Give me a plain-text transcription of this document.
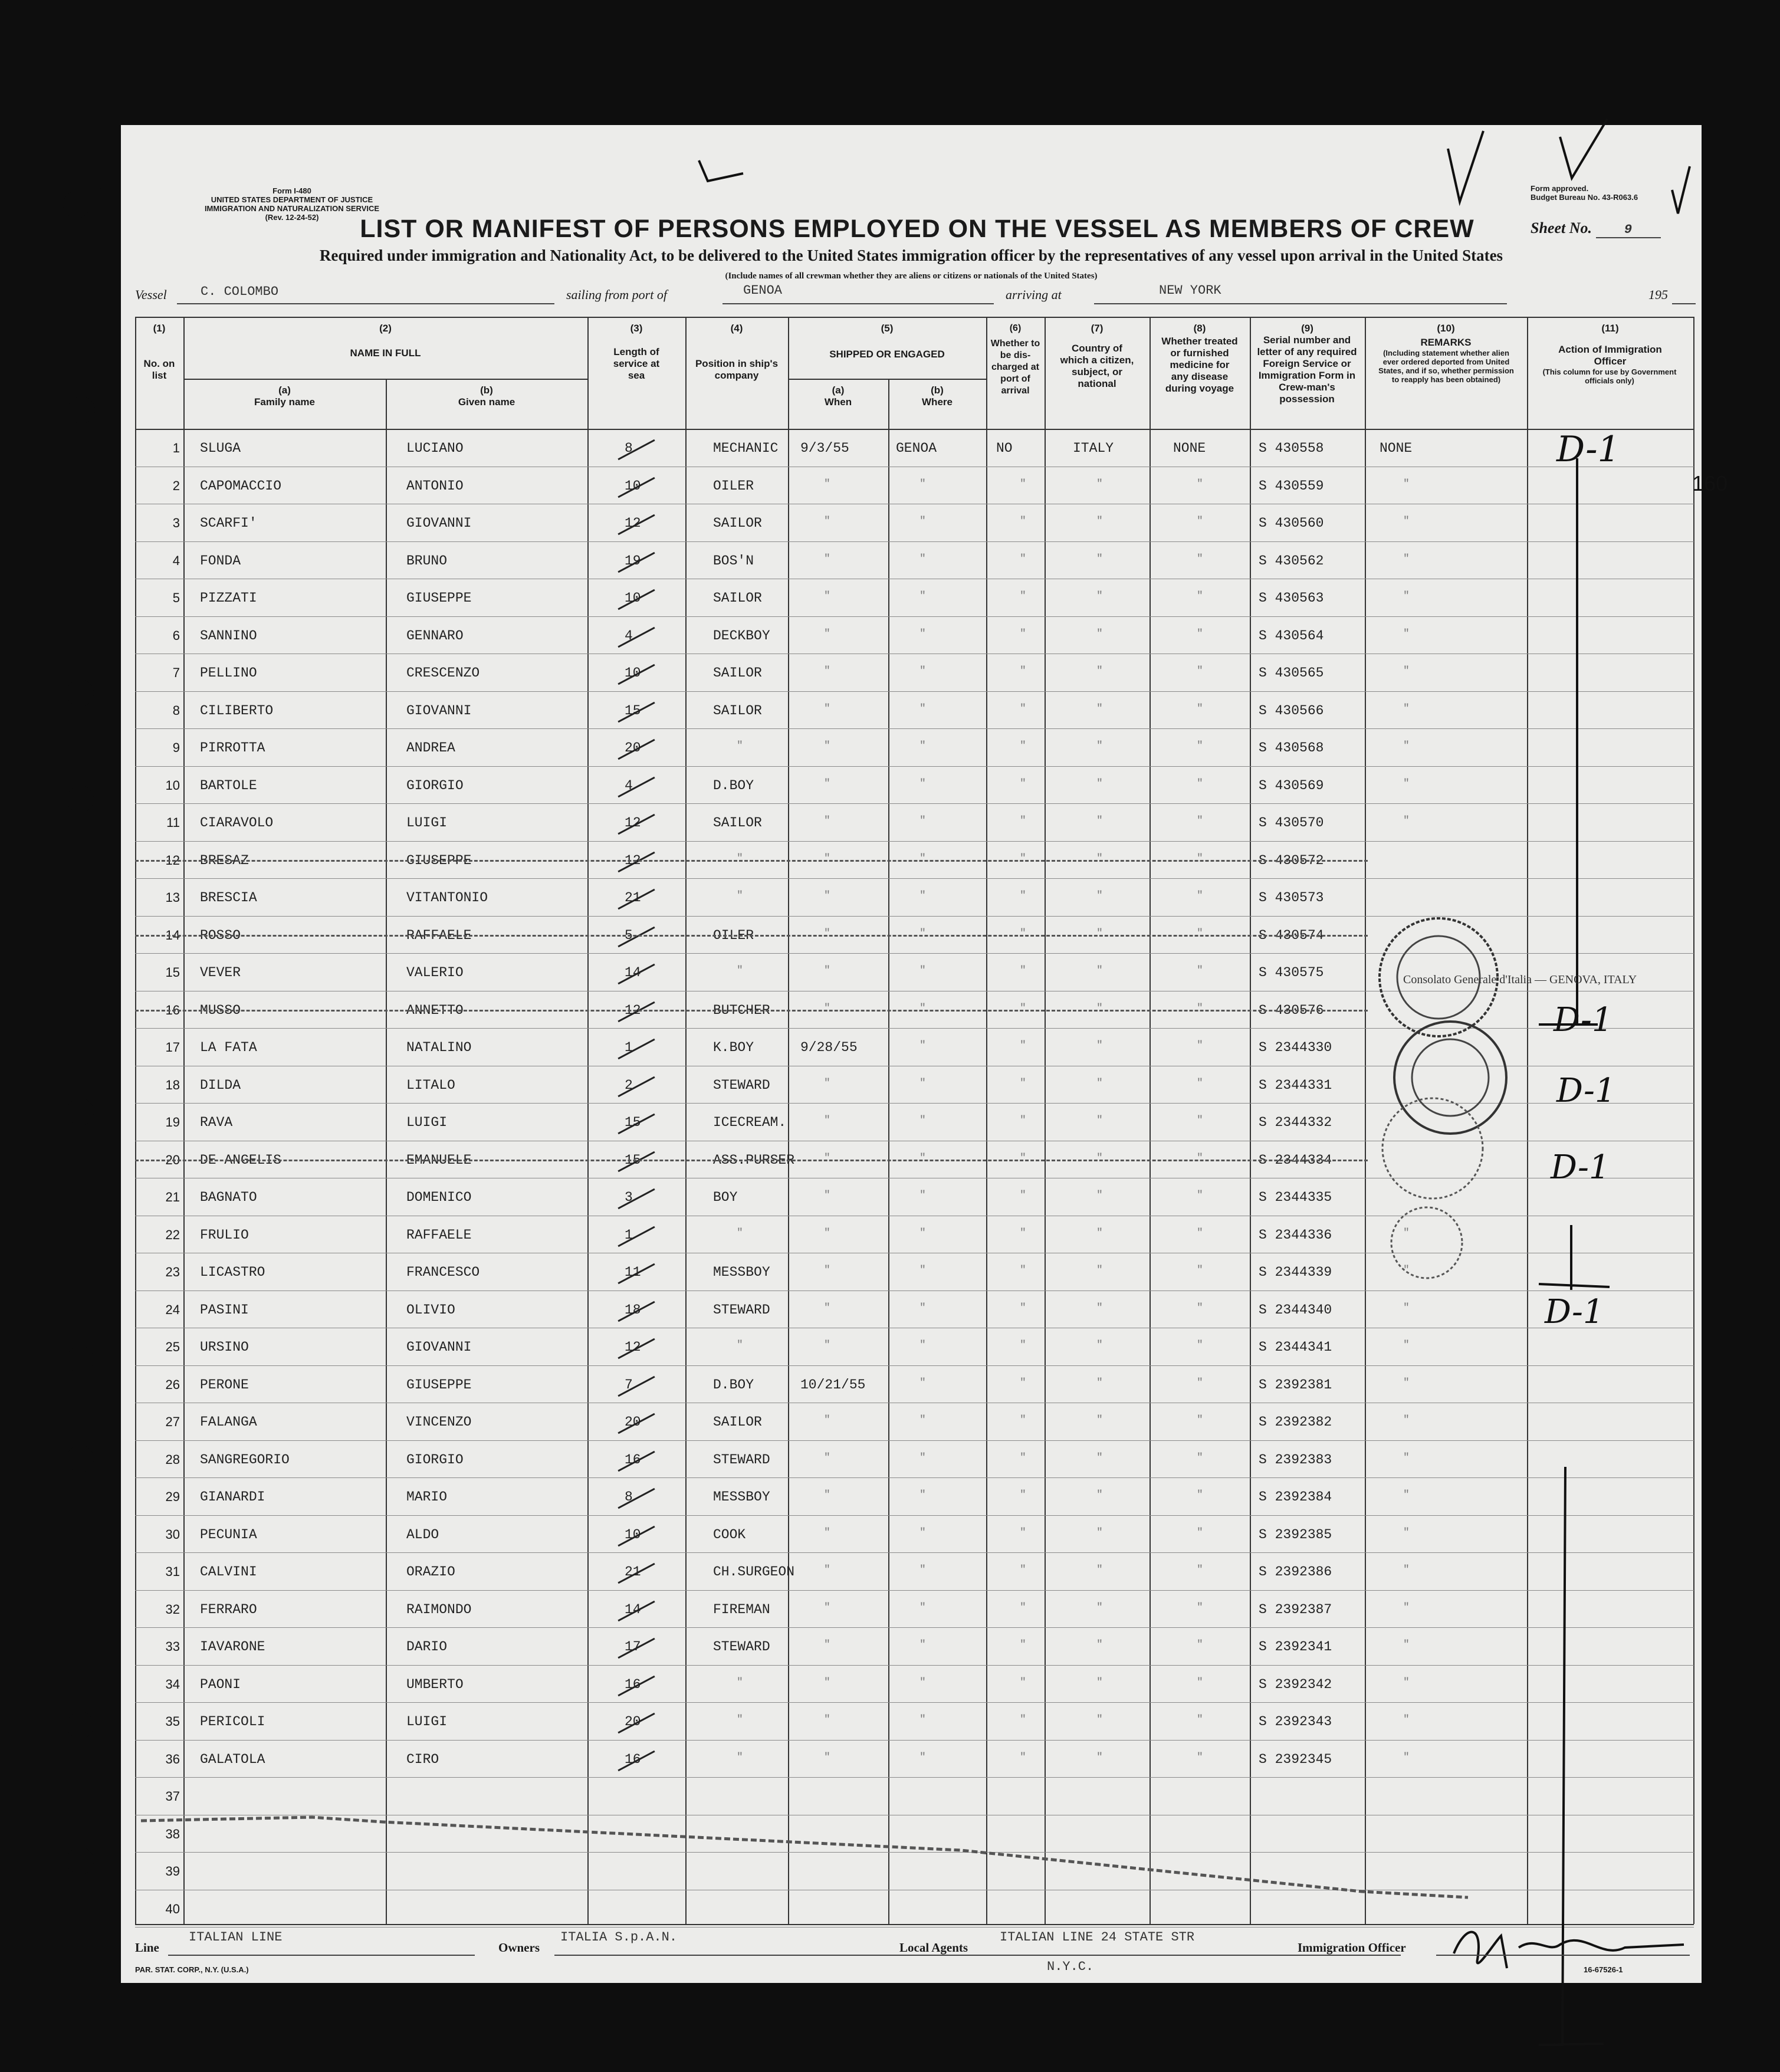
Form I-480
UNITED STATES DEPARTMENT OF JUSTICE
IMMIGRATION AND NATURALIZATION SERVICE
(Rev. 12-24-52)
Form approved.
Budget Bureau No. 43-R063.6
Sheet No. 9
LIST OR MANIFEST OF PERSONS EMPLOYED ON THE VESSEL AS MEMBERS OF CREW
Required under immigration and Nationality Act, to be delivered to the United States immigration officer by the representatives of any vessel upon arrival in the United States
(Include names of all crewman whether they are aliens or citizens or nationals of the United States)
Vessel	C. COLOMBO	sailing from port of	GENOA	arriving at	NEW YORK	195
(1)
No. on list
(2)
NAME IN FULL
(a)
Family name
(b)
Given name
(3)
Length of service at sea
(4)
Position in ship's company
(5)
SHIPPED OR ENGAGED
(a)
When
(b)
Where
(6)
Whether to be dis-charged at port of arrival
(7)
Country of which a citizen, subject, or national
(8)
Whether treated or furnished medicine for any disease during voyage
(9)
Serial number and letter of any required Foreign Service or Immigration Form in Crew-man's possession
(10)
REMARKS
(Including statement whether alien ever ordered deported from United States, and if so, whether permission to reapply has been obtained)
(11)
Action of Immigration Officer
(This column for use by Government officials only)
1 SLUGA	LUCIANO	8	MECHANIC 9/3/55	GENOA	NO	ITALY	NONE	S 430558	NONE
2 CAPOMACCIO	ANTONIO	10	OILER	"	"	"	"	"	S 430559	"
3 SCARFI'	GIOVANNI	12	SAILOR	"	"	"	"	"	S 430560	"
4 FONDA	BRUNO	19	BOS'N	"	"	"	"	"	S 430562	"
5 PIZZATI	GIUSEPPE	10	SAILOR	"	"	"	"	"	S 430563	"
6 SANNINO	GENNARO	4	DECKBOY	"	"	"	"	"	S 430564	"
7 PELLINO	CRESCENZO	10	SAILOR	"	"	"	"	"	S 430565	"
8 CILIBERTO	GIOVANNI	15	SAILOR	"	"	"	"	"	S 430566	"
9 PIRROTTA	ANDREA	20	"	"	"	"	"	"	S 430568	"
10 BARTOLE	GIORGIO	4	D.BOY	"	"	"	"	"	S 430569	"
11 CIARAVOLO	LUIGI	12	SAILOR	"	"	"	"	"	S 430570	"
12 BRESAZ	GIUSEPPE	12	"	"	"	"	"	"	S 430572
13 BRESCIA	VITANTONIO	21	"	"	"	"	"	"	S 430573
14 ROSSO	RAFFAELE	5	OILER	"	"	"	"	"	S 430574
15 VEVER	VALERIO	14	"	"	"	"	"	"	S 430575
16 MUSSO	ANNETTO	12	BUTCHER	"	"	"	"	"	S 430576
17 LA FATA	NATALINO	1	K.BOY	9/28/55	"	"	"	"	S 2344330
18 DILDA	LITALO	2	STEWARD	"	"	"	"	"	S 2344331
19 RAVA	LUIGI	15	ICECREAM.	"	"	"	"	"	S 2344332
20 DE ANGELIS	EMANUELE	15	ASS.PURSER	"	"	"	"	"	S 2344334
21 BAGNATO	DOMENICO	3	BOY	"	"	"	"	"	S 2344335
22 FRULIO	RAFFAELE	1	"	"	"	"	"	"	S 2344336	"
23 LICASTRO	FRANCESCO	11	MESSBOY	"	"	"	"	"	S 2344339	"
24 PASINI	OLIVIO	18	STEWARD	"	"	"	"	"	S 2344340	"
25 URSINO	GIOVANNI	12	"	"	"	"	"	"	S 2344341	"
26 PERONE	GIUSEPPE	7	D.BOY	10/21/55	"	"	"	"	S 2392381	"
27 FALANGA	VINCENZO	20	SAILOR	"	"	"	"	"	S 2392382	"
28 SANGREGORIO	GIORGIO	16	STEWARD	"	"	"	"	"	S 2392383	"
29 GIANARDI	MARIO	8	MESSBOY	"	"	"	"	"	S 2392384	"
30 PECUNIA	ALDO	10	COOK	"	"	"	"	"	S 2392385	"
31 CALVINI	ORAZIO	21	CH.SURGEON	"	"	"	"	"	S 2392386	"
32 FERRARO	RAIMONDO	14	FIREMAN	"	"	"	"	"	S 2392387	"
33 IAVARONE	DARIO	17	STEWARD	"	"	"	"	"	S 2392341	"
34 PAONI	UMBERTO	16	"	"	"	"	"	"	S 2392342	"
35 PERICOLI	LUIGI	20	"	"	"	"	"	"	S 2392343	"
36 GALATOLA	CIRO	16	"	"	"	"	"	"	S 2392345	"
37
38
39
40
D-1
160
D-1
D-1
D-1
D-1
Consolato Generale d'Italia — GENOVA, ITALY
Line
ITALIAN LINE
Owners
ITALIA S.p.A.N.
Local Agents
ITALIAN LINE 24 STATE STR
N.Y.C.
Immigration Officer
PAR. STAT. CORP., N.Y. (U.S.A.)	16-67526-1
